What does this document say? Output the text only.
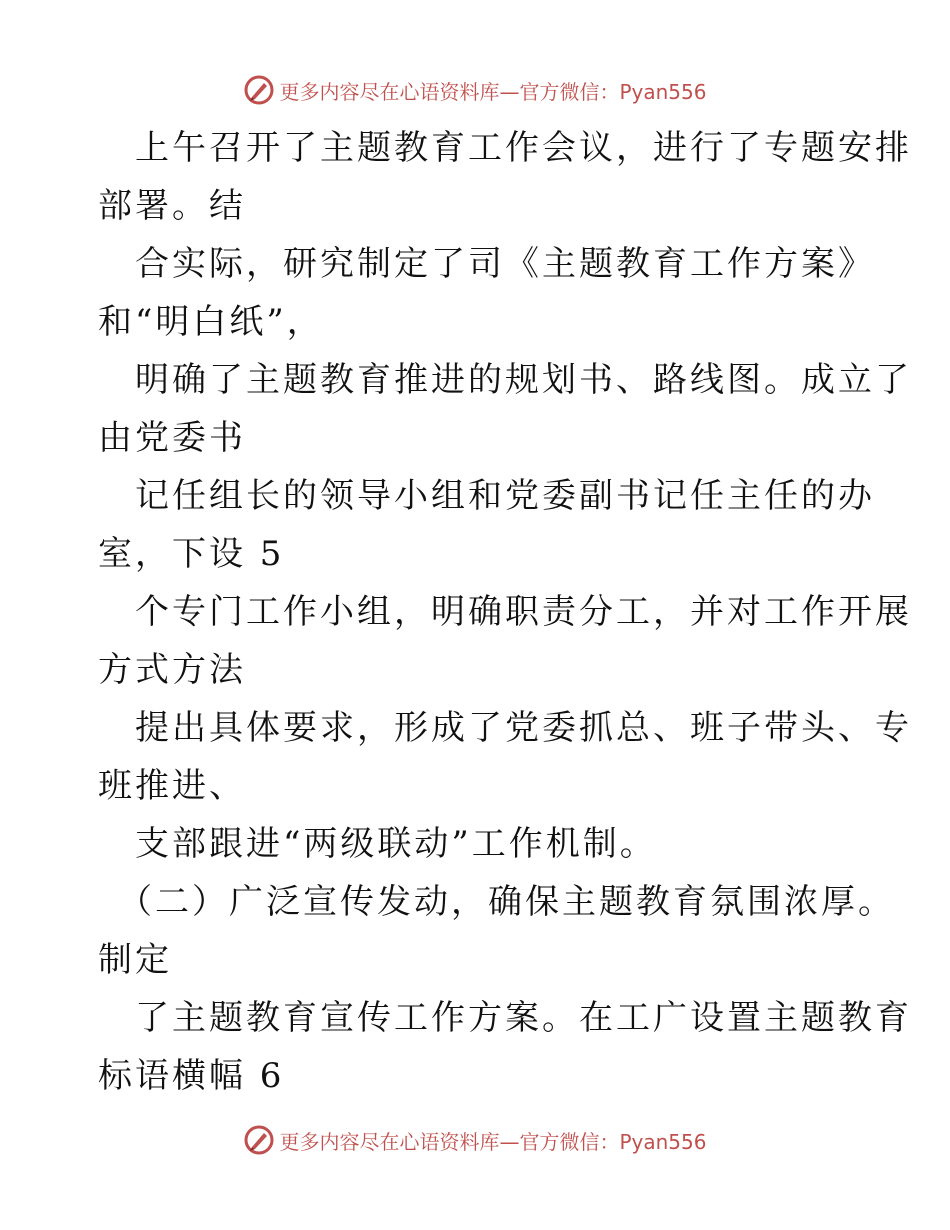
更多内容尽在心语资料库—官方微信：Pyan556
上午召开了主题教育工作会议，进行了专题安排
部署。结
合实际，研究制定了司《主题教育工作方案》
和“明白纸”，
明确了主题教育推进的规划书、路线图。成立了
由党委书
记任组长的领导小组和党委副书记任主任的办
室，下设 5
个专门工作小组，明确职责分工，并对工作开展
方式方法
提出具体要求，形成了党委抓总、班子带头、专
班推进、
支部跟进“两级联动”工作机制。
（二）广泛宣传发动，确保主题教育氛围浓厚。
制定
了主题教育宣传工作方案。在工广设置主题教育
标语横幅 6
更多内容尽在心语资料库—官方微信：Pyan556
